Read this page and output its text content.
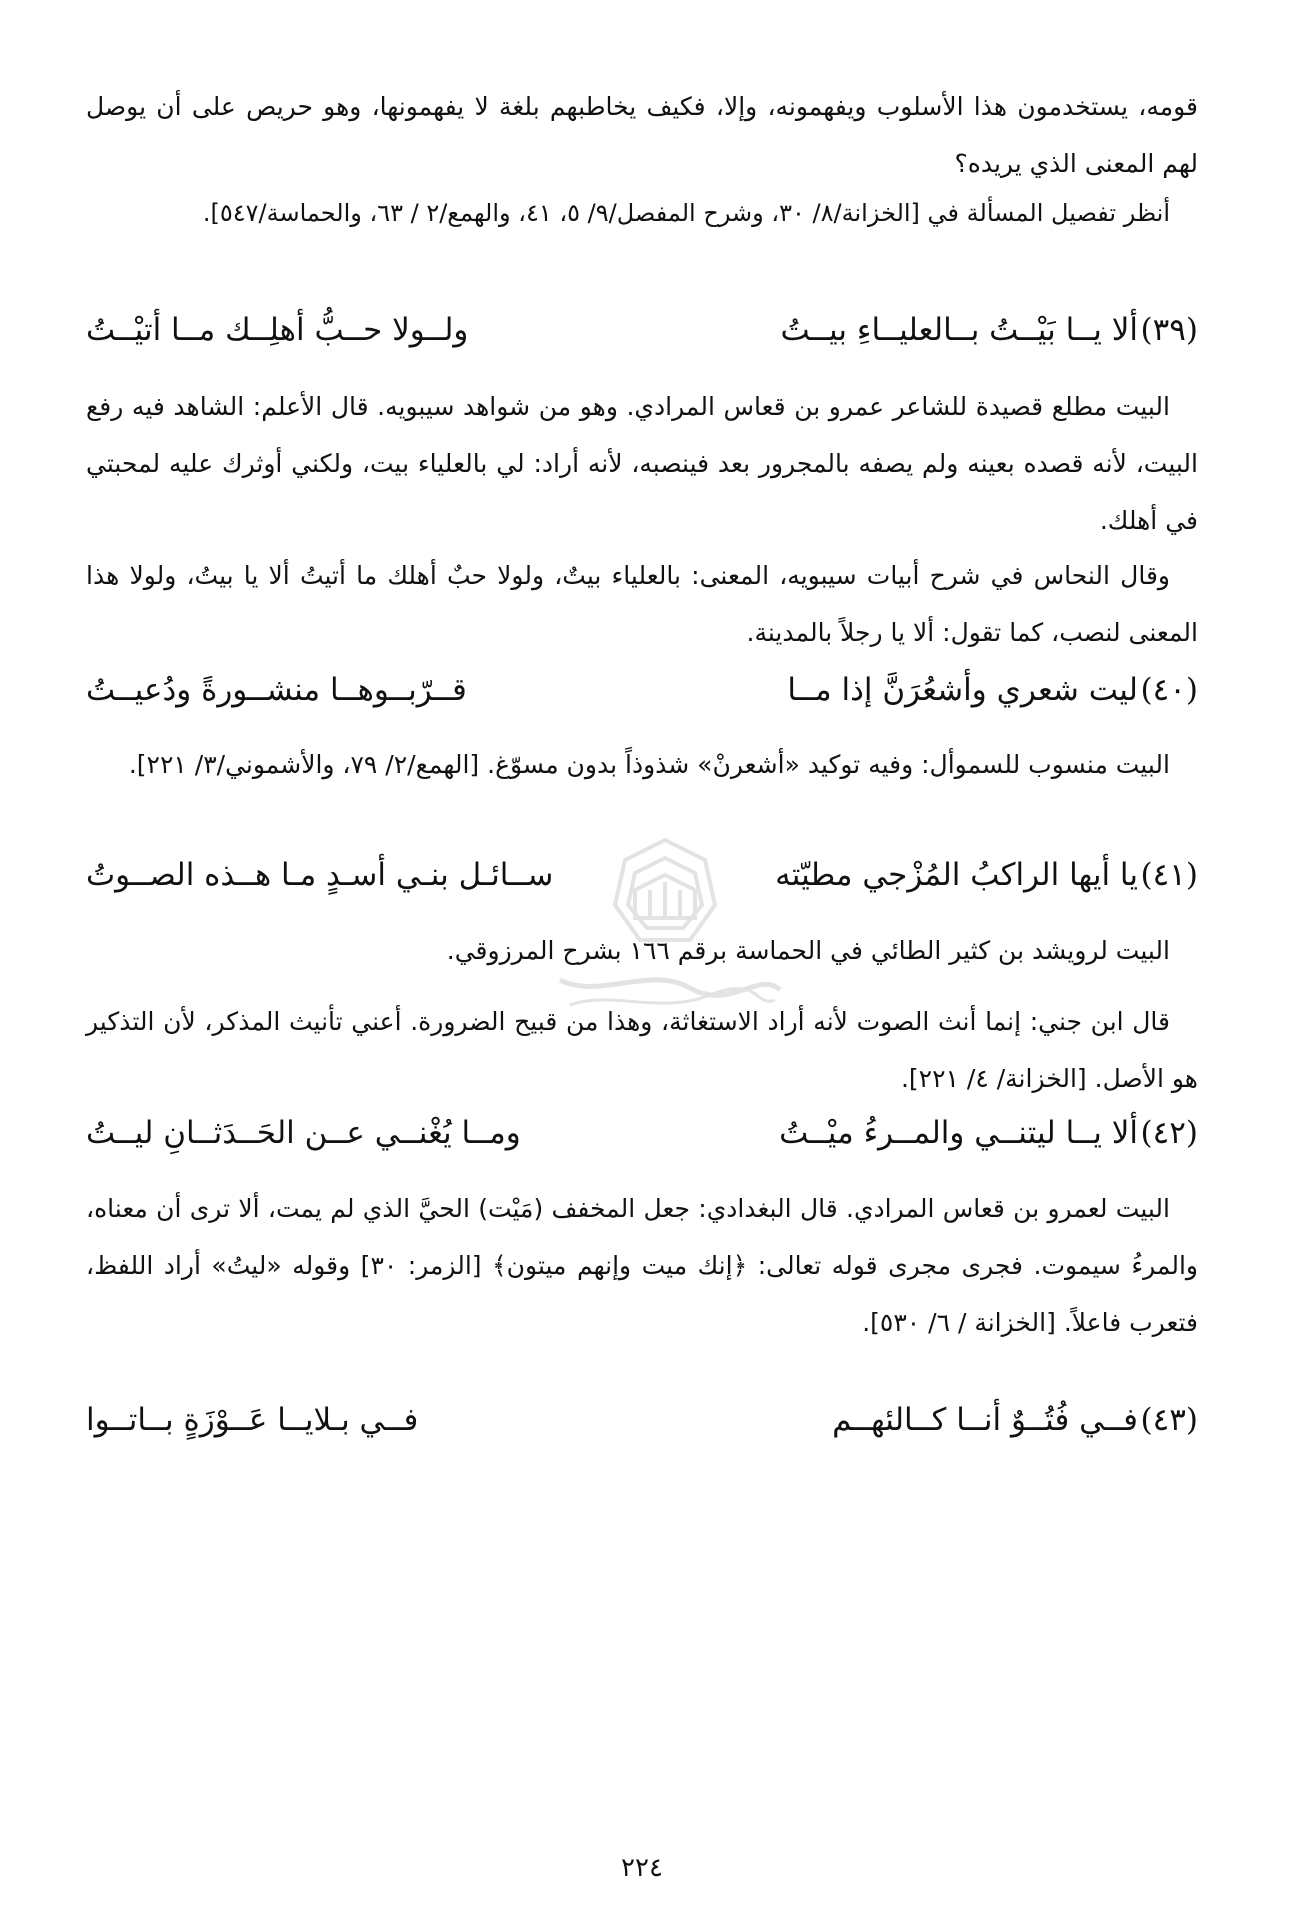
قومه، يستخدمون هذا الأسلوب ويفهمونه، وإلا، فكيف يخاطبهم بلغة لا يفهمونها، وهو حريص على أن يوصل لهم المعنى الذي يريده؟
أنظر تفصيل المسألة في [الخزانة/٨/ ٣٠، وشرح المفصل/٩/ ٥، ٤١، والهمع/٢ / ٦٣، والحماسة/٥٤٧].
(٣٩)
ألا يــا بَيْــتُ بــالعليــاءِ بيــتُ
ولــولا حــبُّ أهلِــك مــا أتيْــتُ
البيت مطلع قصيدة للشاعر عمرو بن قعاس المرادي. وهو من شواهد سيبويه. قال الأعلم: الشاهد فيه رفع البيت، لأنه قصده بعينه ولم يصفه بالمجرور بعد فينصبه، لأنه أراد: لي بالعلياء بيت، ولكني أوثرك عليه لمحبتي في أهلك.
وقال النحاس في شرح أبيات سيبويه، المعنى: بالعلياء بيتٌ، ولولا حبٌ أهلك ما أتيتُ ألا يا بيتُ، ولولا هذا المعنى لنصب، كما تقول: ألا يا رجلاً بالمدينة.
(٤٠)
ليت شعري وأشعُرَنَّ إذا مــا
قــرّبــوهــا منشــورةً ودُعيــتُ
البيت منسوب للسموأل: وفيه توكيد «أشعرنْ» شذوذاً بدون مسوّغ. [الهمع/٢/ ٧٩، والأشموني/٣/ ٢٢١].
(٤١)
يا أيها الراكبُ المُزْجي مطيّته
ســائـل بنـي أسـدٍ مـا هــذه الصــوتُ
البيت لرويشد بن كثير الطائي في الحماسة برقم ١٦٦ بشرح المرزوقي.
قال ابن جني: إنما أنث الصوت لأنه أراد الاستغاثة، وهذا من قبيح الضرورة. أعني تأنيث المذكر، لأن التذكير هو الأصل. [الخزانة/ ٤/ ٢٢١].
(٤٢)
ألا يــا ليتنــي والمــرءُ ميْــتُ
ومــا يُغْنــي عــن الحَــدَثــانِ ليــتُ
البيت لعمرو بن قعاس المرادي. قال البغدادي: جعل المخفف (مَيْت) الحيَّ الذي لم يمت، ألا ترى أن معناه، والمرءُ سيموت. فجرى مجرى قوله تعالى: ﴿إنك ميت وإنهم ميتون﴾ [الزمر: ٣٠] وقوله «ليتُ» أراد اللفظ، فتعرب فاعلاً. [الخزانة / ٦/ ٥٣٠].
(٤٣)
فــي فُتُــوٌ أنــا كــالئهــم
فــي بـلايــا عَــوْزَةٍ بــاتــوا
٢٢٤
